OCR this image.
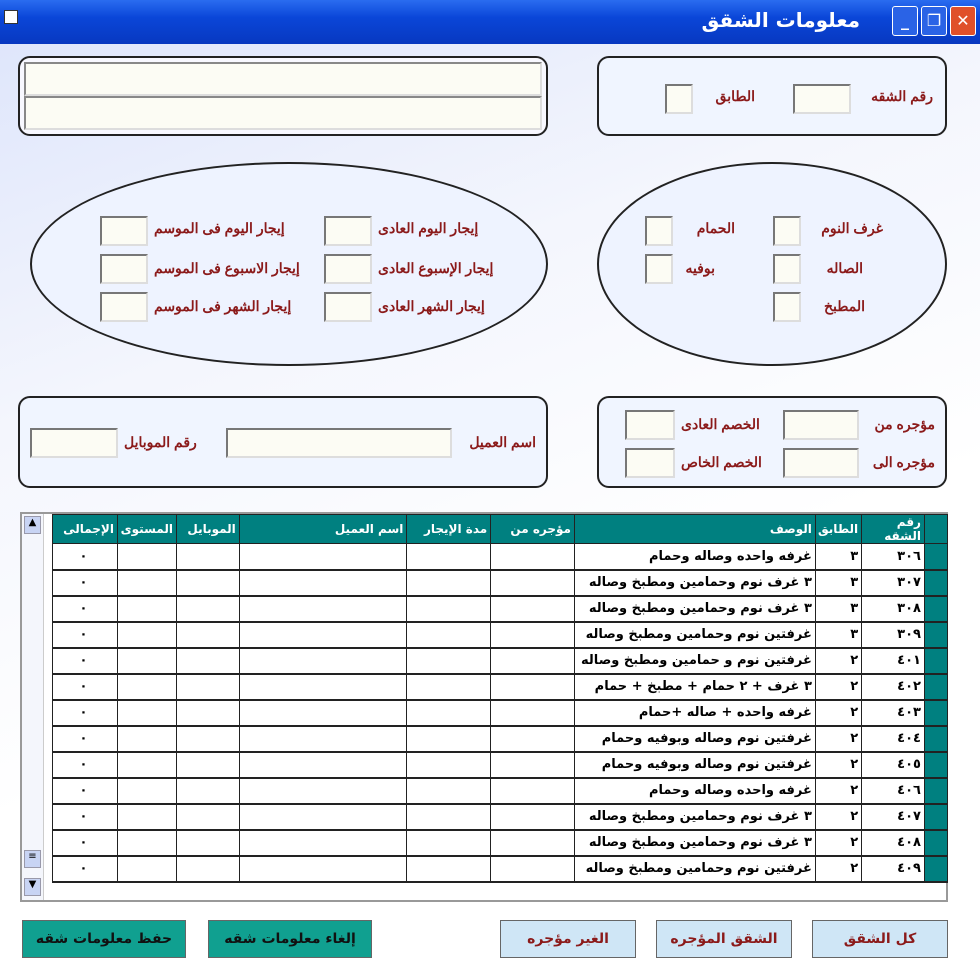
معلومات الشقق	✕
❐
_
رقم الشقه
الطابق
غرف النوم
الحمام
الصاله
بوفيه
المطبخ
إيجار اليوم العادى
إيجار اليوم فى الموسم
إيجار الإسبوع العادى
إيجار الاسبوع فى الموسم
إيجار الشهر العادى
إيجار الشهر فى الموسم
مؤجره من
الخصم العادى
مؤجره الى
الخصم الخاص
اسم العميل
رقم الموبايل
▲
≡
▼
	رقم الشقه	الطابق	الوصف	مؤجره من	مدة الإيجار	اسم العميل	الموبايل	المستوى	الإجمالى
	٣٠٦	٣	غرفه واحده وصاله وحمام						٠
	٣٠٧	٣	٣ غرف نوم وحمامين ومطبخ وصاله						٠
	٣٠٨	٣	٣ غرف نوم وحمامين ومطبخ وصاله						٠
	٣٠٩	٣	غرفتين نوم وحمامين ومطبخ وصاله						٠
	٤٠١	٢	غرفتين نوم و حمامين ومطبخ وصاله						٠
	٤٠٢	٢	٣ غرف + ٢ حمام + مطبخ + حمام						٠
	٤٠٣	٢	غرفه واحده + صاله +حمام						٠
	٤٠٤	٢	غرفتين نوم وصاله وبوفيه وحمام						٠
	٤٠٥	٢	غرفتين نوم وصاله وبوفيه وحمام						٠
	٤٠٦	٢	غرفه واحده وصاله وحمام						٠
	٤٠٧	٢	٣ غرف نوم وحمامين ومطبخ وصاله						٠
	٤٠٨	٢	٣ غرف نوم وحمامين ومطبخ وصاله						٠
	٤٠٩	٢	غرفتين نوم وحمامين ومطبخ وصاله						٠
حفظ معلومات شقه	إلغاء معلومات شقه	الغير مؤجره	الشقق المؤجره	كل الشقق
